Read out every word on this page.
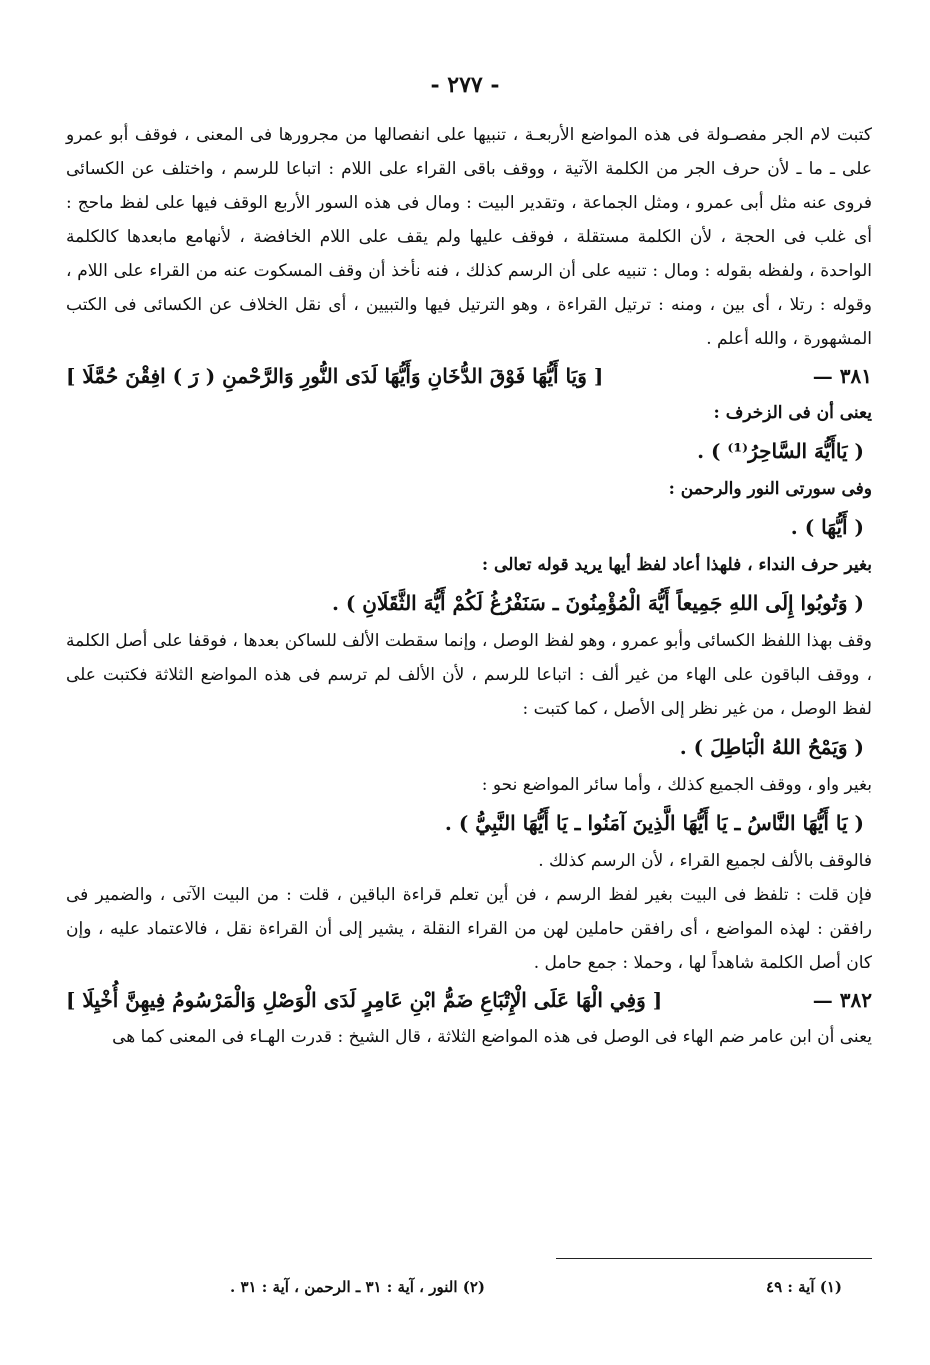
- ٢٧٧ -

كتبت لام الجر مفصـولة فى هذه المواضع الأربعـة ، تنبيها على انفصالها من مجرورها فى المعنى ، فوقف أبو عمرو على ـ ما ـ لأن حرف الجر من الكلمة الآتية ، ووقف باقى القراء على اللام : اتباعا للرسم ، واختلف عن الكسائى فروى عنه مثل أبى عمرو ، ومثل الجماعة ، وتقدير البيت : ومال فى هذه السور الأربع الوقف فيها على لفظ ماحج : أى غلب فى الحجة ، لأن الكلمة مستقلة ، فوقف عليها ولم يقف على اللام الخافضة ، لأنهامع مابعدها كالكلمة الواحدة ، ولفظه بقوله : ومال : تنبيه على أن الرسم كذلك ، فنه نأخذ أن وقف المسكوت عنه من القراء على اللام ، وقوله : رتلا ، أى بين ، ومنه : ترتيل القراءة ، وهو الترتيل فيها والتبيين ، أى نقل الخلاف عن الكسائى فى الكتب المشهورة ، والله أعلم .

٣٨١ —
[ وَيَا أَيُّهَا فَوْقَ الدُّخَانِ وَأَيُّهَا لَدَى النُّورِ وَالرَّحْمنِ ( رَ ) افِقْنَ حُمَّلَا ]

يعنى أن فى الزخرف :

( يَاأَيُّهَ السَّاحِرُ⁽¹⁾ ) .

وفى سورتى النور والرحمن :

( أَيُّهَا ) .

بغير حرف النداء ، فلهذا أعاد لفظ أيها يريد قوله تعالى :

( وَتُوبُوا إِلَى اللهِ جَمِيعاً أَيُّهَ الْمُؤْمِنُونَ ـ سَنَفْرُغُ لَكُمْ أَيُّهَ الثَّقَلَانِ ) .

وقف بهذا اللفظ الكسائى وأبو عمرو ، وهو لفظ الوصل ، وإنما سقطت الألف للساكن بعدها ، فوقفا على أصل الكلمة ، ووقف الباقون على الهاء من غير ألف : اتباعا للرسم ، لأن الألف لم ترسم فى هذه المواضع الثلاثة فكتبت على لفظ الوصل ، من غير نظر إلى الأصل ، كما كتبت :

( وَيَمْحُ اللهُ الْبَاطِلَ ) .

بغير واو ، ووقف الجميع كذلك ، وأما سائر المواضع نحو :

( يَا أَيُّهَا النَّاسُ ـ يَا أَيُّهَا الَّذِينَ آمَنُوا ـ يَا أَيُّهَا النَّبِيُّ ) .

فالوقف بالألف لجميع القراء ، لأن الرسم كذلك .

فإن قلت : تلفظ فى البيت بغير لفظ الرسم ، فن أين تعلم قراءة الباقين ، قلت : من البيت الآتى ، والضمير فى رافقن : لهذه المواضع ، أى رافقن حاملين لهن من القراء النقلة ، يشير إلى أن القراءة نقل ، فالاعتماد عليه ، وإن كان أصل الكلمة شاهداً لها ، وحملا : جمع حامل .

٣٨٢ —
[ وَفِي الْهَا عَلَى الْإِتْبَاعِ ضَمُّ ابْنِ عَامِرٍ لَدَى الْوَصْلِ وَالْمَرْسُومُ فِيهِنَّ أُخْيِلَا ]

يعنى أن ابن عامر ضم الهاء فى الوصل فى هذه المواضع الثلاثة ، قال الشيخ : قدرت الهـاء فى المعنى كما هى

(١) آية : ٤٩
(٢) النور ، آية : ٣١ ـ الرحمن ، آية : ٣١ .
